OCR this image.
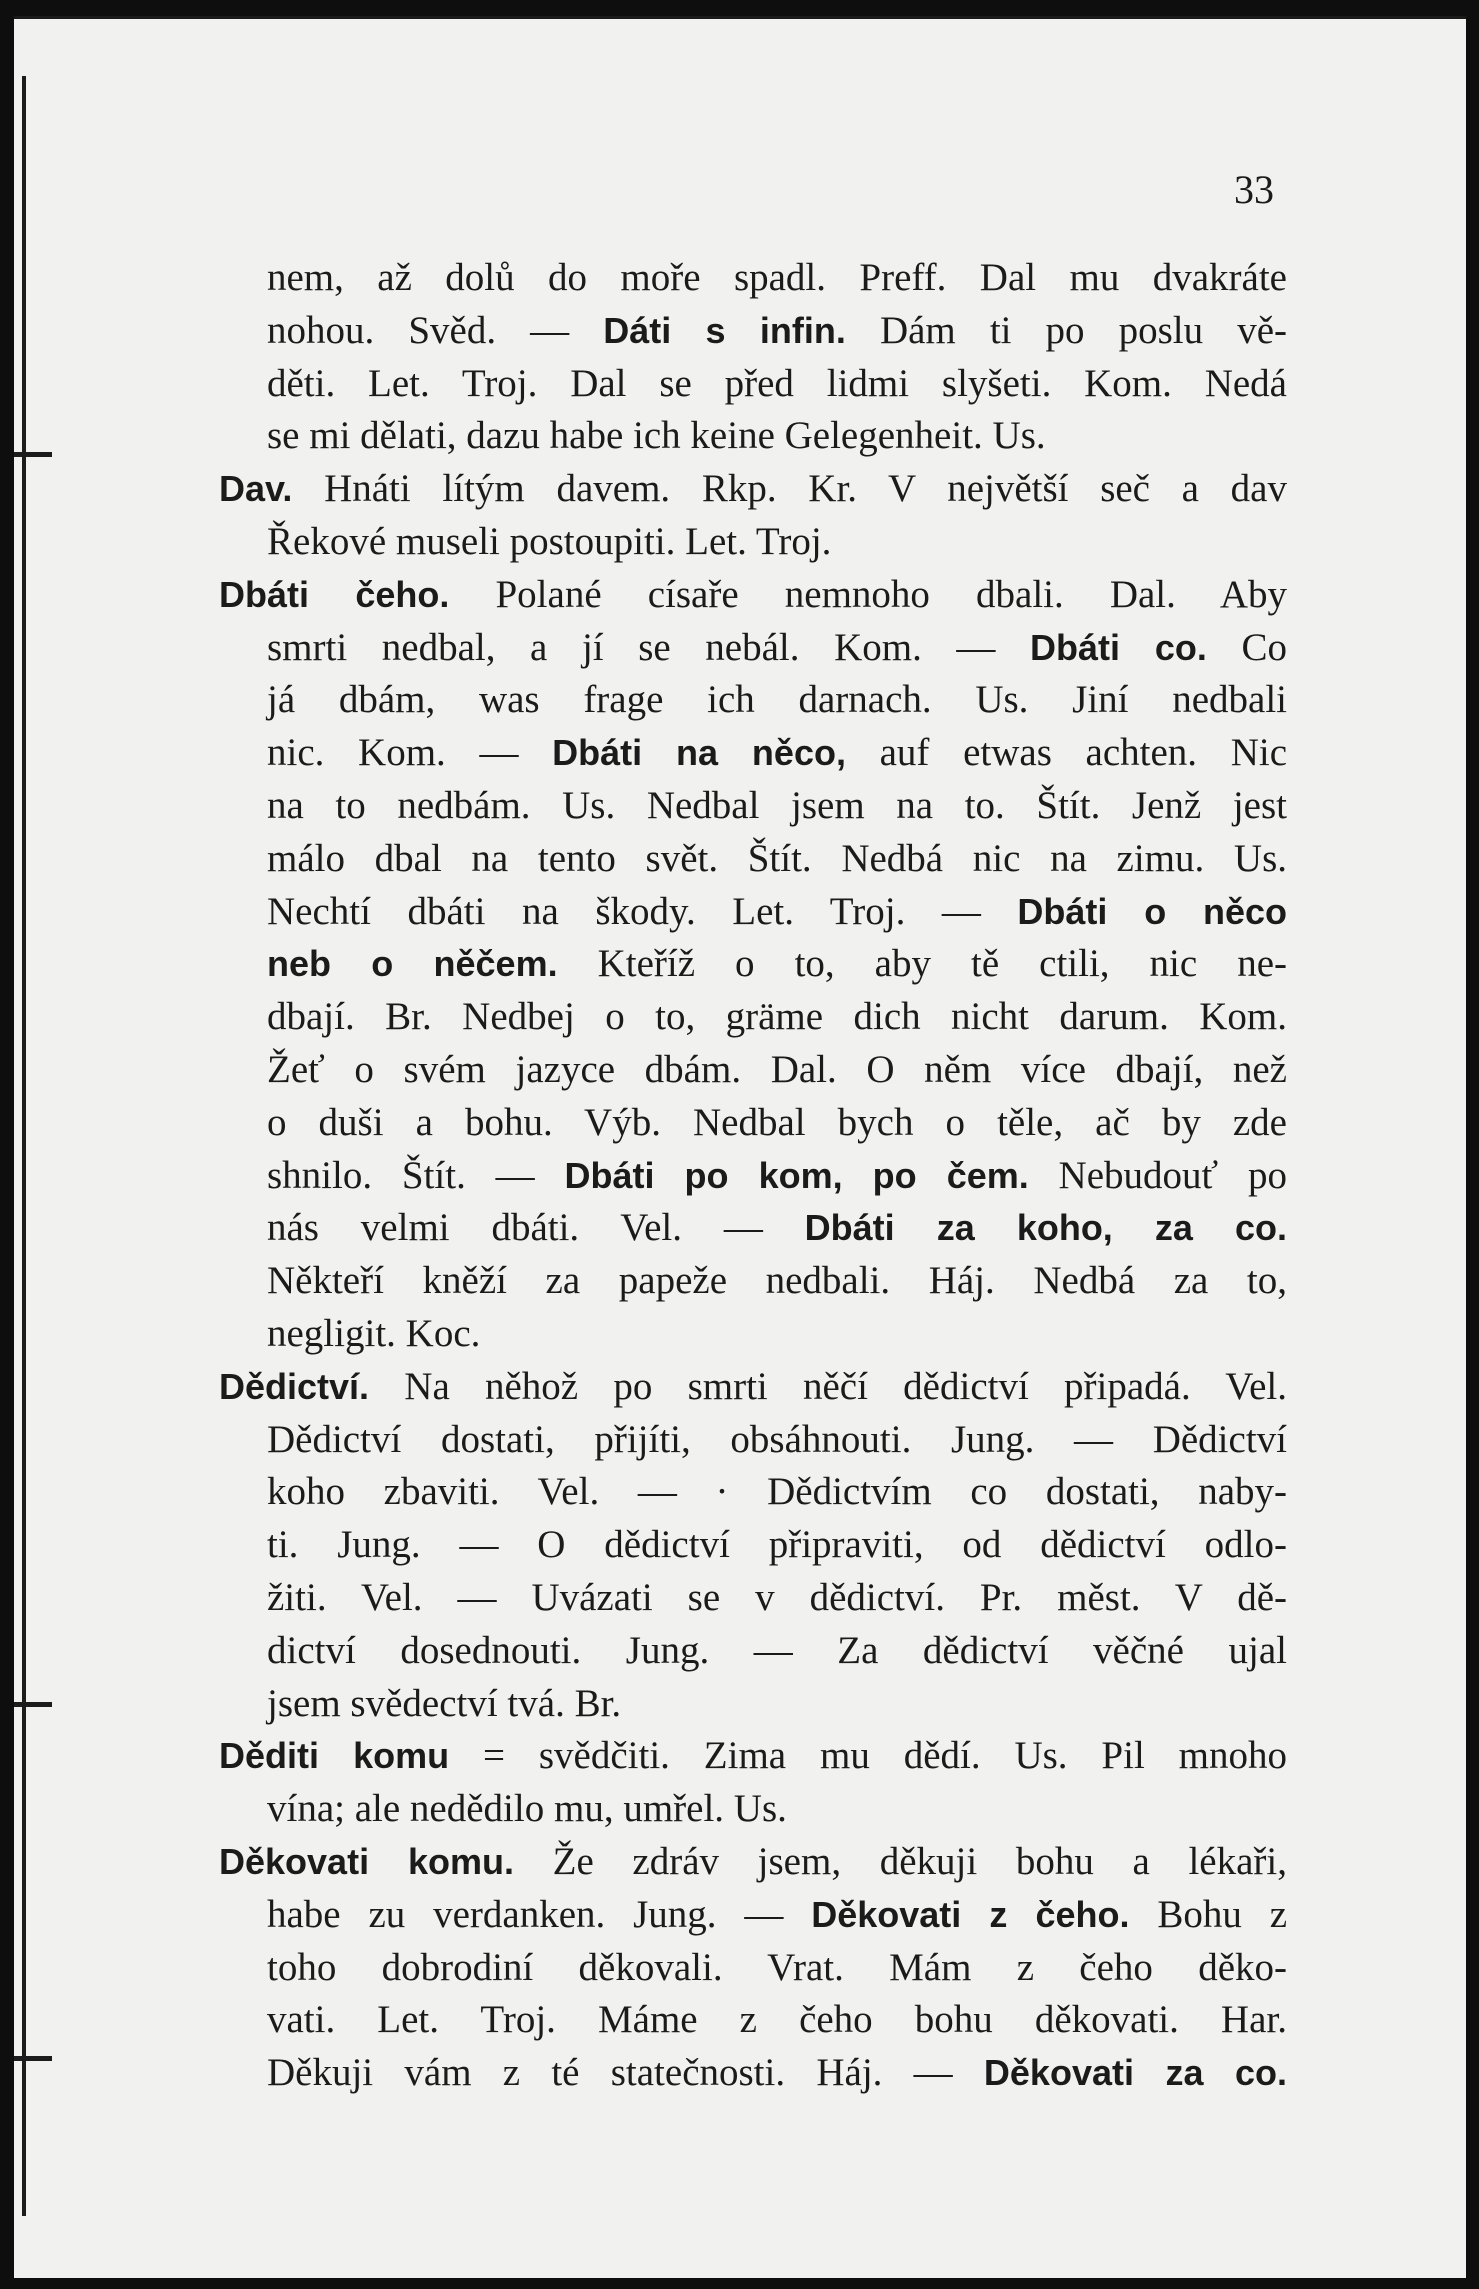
33
nem, až dolů do moře spadl. Preff. Dal mu dvakráte
nohou. Svěd. — Dáti s infin. Dám ti po poslu vě-
děti. Let. Troj. Dal se před lidmi slyšeti. Kom. Nedá
se mi dělati, dazu habe ich keine Gelegenheit. Us.
Dav. Hnáti lítým davem. Rkp. Kr. V největší seč a dav
Řekové museli postoupiti. Let. Troj.
Dbáti čeho. Polané císaře nemnoho dbali. Dal. Aby
smrti nedbal, a jí se nebál. Kom. — Dbáti co. Co
já dbám, was frage ich darnach. Us. Jiní nedbali
nic. Kom. — Dbáti na něco, auf etwas achten. Nic
na to nedbám. Us. Nedbal jsem na to. Štít. Jenž jest
málo dbal na tento svět. Štít. Nedbá nic na zimu. Us.
Nechtí dbáti na škody. Let. Troj. — Dbáti o něco
neb o něčem. Kteříž o to, aby tě ctili, nic ne-
dbají. Br. Nedbej o to, gräme dich nicht darum. Kom.
Žeť o svém jazyce dbám. Dal. O něm více dbají, než
o duši a bohu. Výb. Nedbal bych o těle, ač by zde
shnilo. Štít. — Dbáti po kom, po čem. Nebudouť po
nás velmi dbáti. Vel. — Dbáti za koho, za co.
Někteří kněží za papeže nedbali. Háj. Nedbá za to,
negligit. Koc.
Dědictví. Na něhož po smrti něčí dědictví připadá. Vel.
Dědictví dostati, přijíti, obsáhnouti. Jung. — Dědictví
koho zbaviti. Vel. — · Dědictvím co dostati, naby-
ti. Jung. — O dědictví připraviti, od dědictví odlo-
žiti. Vel. — Uvázati se v dědictví. Pr. měst. V dě-
dictví dosednouti. Jung. — Za dědictví věčné ujal
jsem svědectví tvá. Br.
Děditi komu = svědčiti. Zima mu dědí. Us. Pil mnoho
vína; ale nedědilo mu, umřel. Us.
Děkovati komu. Že zdráv jsem, děkuji bohu a lékaři,
habe zu verdanken. Jung. — Děkovati z čeho. Bohu z
toho dobrodiní děkovali. Vrat. Mám z čeho děko-
vati. Let. Troj. Máme z čeho bohu děkovati. Har.
Děkuji vám z té statečnosti. Háj. — Děkovati za co.
